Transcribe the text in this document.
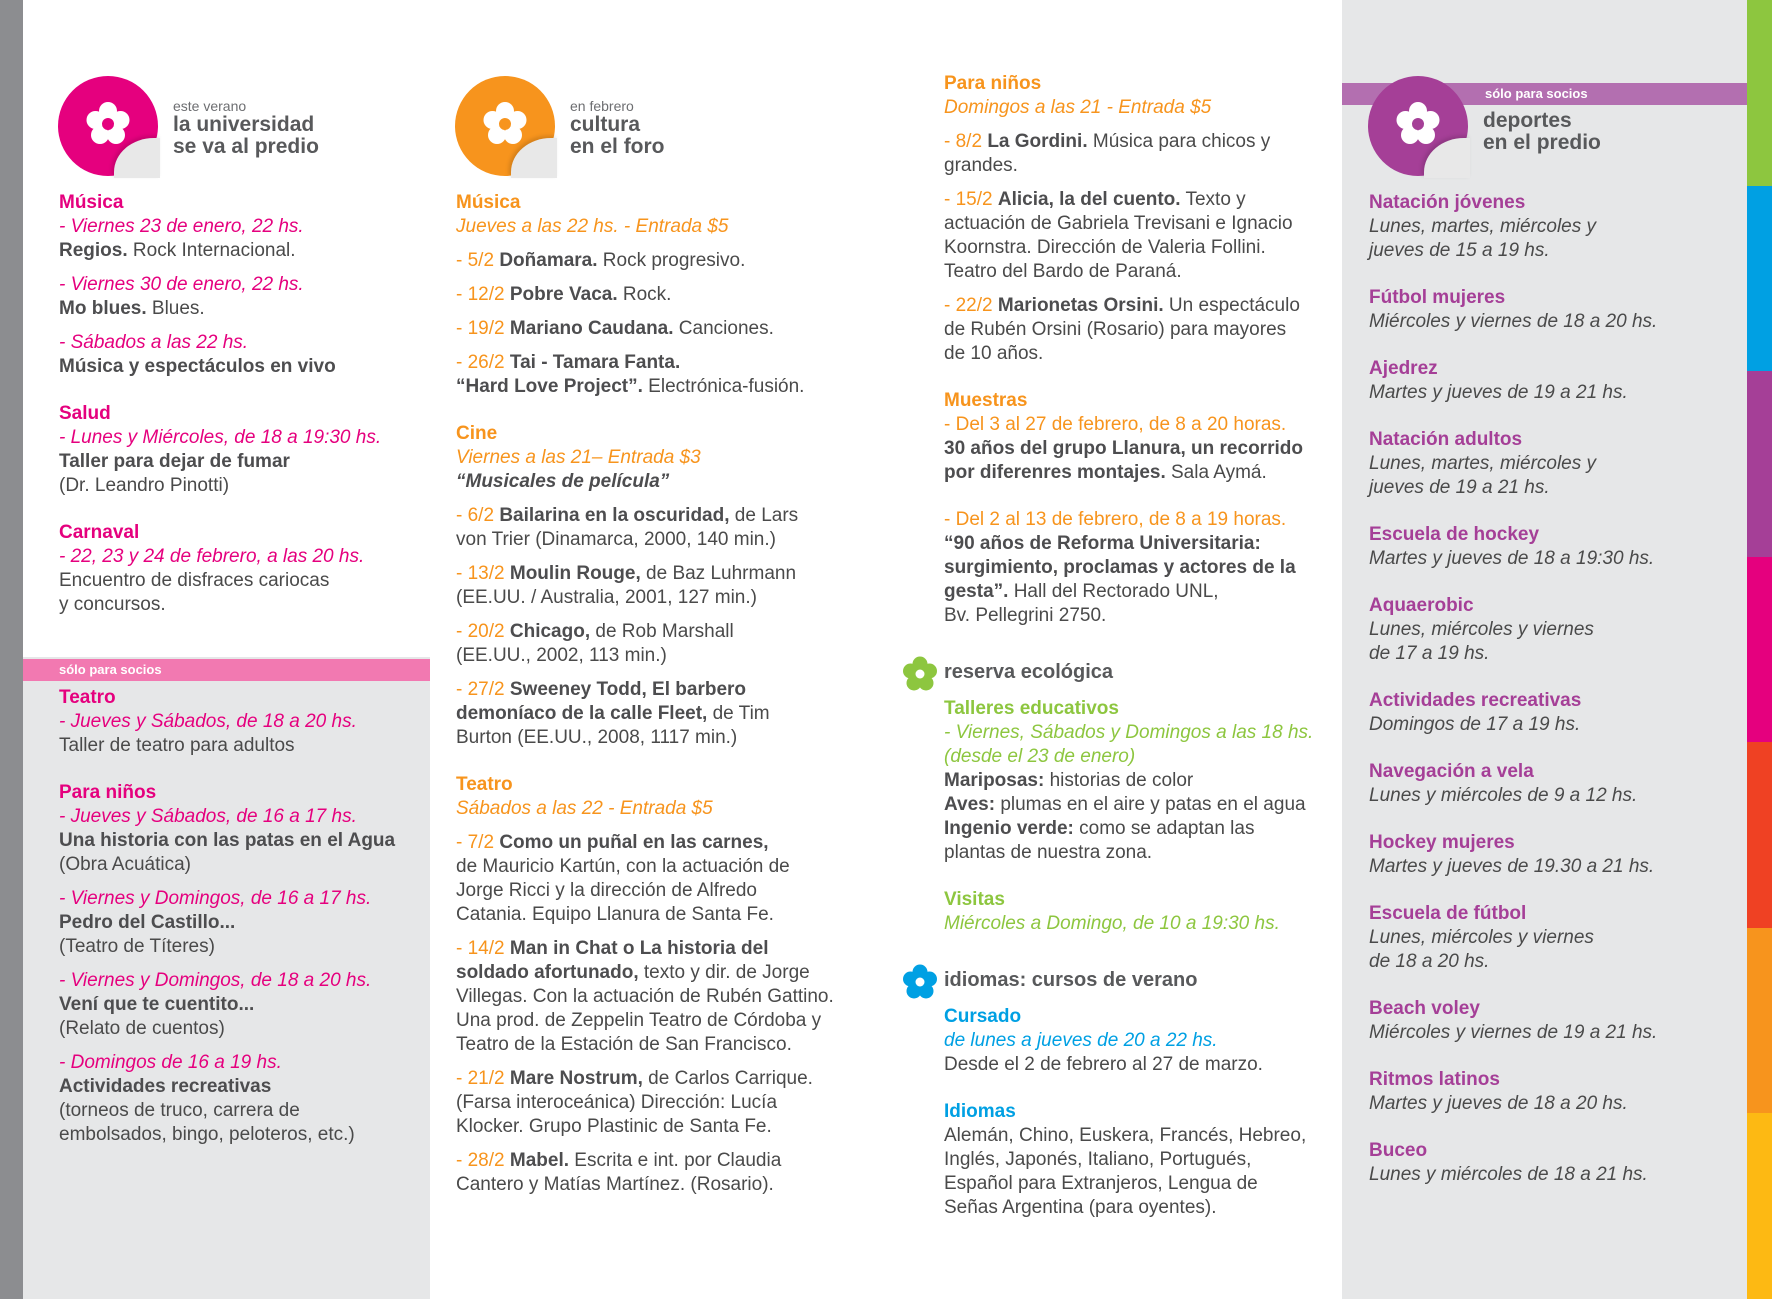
este verano
la universidad
se va al predio
Música
- Viernes 23 de enero, 22 hs.

Regios. Rock Internacional.

- Viernes 30 de enero, 22 hs.

Mo blues. Blues.

- Sábados a las 22 hs.

Música y espectáculos en vivo

Salud
- Lunes y Miércoles, de 18 a 19:30 hs.

Taller para dejar de fumar

(Dr. Leandro Pinotti)

Carnaval
- 22, 23 y 24 de febrero, a las 20 hs.

Encuentro de disfraces cariocas

y concursos.

sólo para socios
Teatro
- Jueves y Sábados, de 18 a 20 hs.

Taller de teatro para adultos

Para niños
- Jueves y Sábados, de 16 a 17 hs.

Una historia con las patas en el Agua

(Obra Acuática)

- Viernes y Domingos, de 16 a 17 hs.

Pedro del Castillo...

(Teatro de Títeres)

- Viernes y Domingos, de 18 a 20 hs.

Vení que te cuentito...

(Relato de cuentos)

- Domingos de 16 a 19 hs.

Actividades recreativas

(torneos de truco, carrera de

embolsados, bingo, peloteros, etc.)

en febrero
cultura
en el foro
Música
Jueves a las 22 hs. - Entrada $5

- 5/2 Doñamara. Rock progresivo.

- 12/2 Pobre Vaca. Rock.

- 19/2 Mariano Caudana. Canciones.

- 26/2 Tai - Tamara Fanta.

“Hard Love Project”. Electrónica-fusión.

Cine
Viernes a las 21– Entrada $3
“Musicales de película”

- 6/2 Bailarina en la oscuridad, de Lars

von Trier (Dinamarca, 2000, 140 min.)

- 13/2 Moulin Rouge, de Baz Luhrmann

(EE.UU. / Australia, 2001, 127 min.)

- 20/2 Chicago, de Rob Marshall

(EE.UU., 2002, 113 min.)

- 27/2 Sweeney Todd, El barbero

demoníaco de la calle Fleet, de Tim

Burton (EE.UU., 2008, 1117 min.)

Teatro
Sábados a las 22 - Entrada $5

- 7/2 Como un puñal en las carnes,

de Mauricio Kartún, con la actuación de

Jorge Ricci y la dirección de Alfredo

Catania. Equipo Llanura de Santa Fe.

- 14/2 Man in Chat o La historia del

soldado afortunado, texto y dir. de Jorge

Villegas. Con la actuación de Rubén Gattino.

Una prod. de Zeppelin Teatro de Córdoba y

Teatro de la Estación de San Francisco.

- 21/2 Mare Nostrum, de Carlos Carrique.

(Farsa interoceánica) Dirección: Lucía

Klocker. Grupo Plastinic de Santa Fe.

- 28/2 Mabel. Escrita e int. por Claudia

Cantero y Matías Martínez. (Rosario).

Para niños
Domingos a las 21 - Entrada $5

- 8/2 La Gordini. Música para chicos y

grandes.

- 15/2 Alicia, la del cuento. Texto y

actuación de Gabriela Trevisani e Ignacio

Koornstra. Dirección de Valeria Follini.

Teatro del Bardo de Paraná.

- 22/2 Marionetas Orsini. Un espectáculo

de Rubén Orsini (Rosario) para mayores

de 10 años.

Muestras
- Del 3 al 27 de febrero, de 8 a 20 horas.

30 años del grupo Llanura, un recorrido

por diferenres montajes. Sala Aymá.

- Del 2 al 13 de febrero, de 8 a 19 horas.

“90 años de Reforma Universitaria:

surgimiento, proclamas y actores de la

gesta”. Hall del Rectorado UNL,

Bv. Pellegrini 2750.

reserva ecológica
Talleres educativos
- Viernes, Sábados y Domingos a las 18 hs.
(desde el 23 de enero)

Mariposas: historias de color

Aves: plumas en el aire y patas en el agua

Ingenio verde: como se adaptan las

plantas de nuestra zona.

Visitas
Miércoles a Domingo, de 10 a 19:30 hs.
idiomas: cursos de verano
Cursado
de lunes a jueves de 20 a 22 hs.

Desde el 2 de febrero al 27 de marzo.

Idiomas

Alemán, Chino, Euskera, Francés, Hebreo,

Inglés, Japonés, Italiano, Portugués,

Español para Extranjeros, Lengua de

Señas Argentina (para oyentes).

sólo para socios
deportes
en el predio
Natación jóvenes
Lunes, martes, miércoles y
jueves de 15 a 19 hs.
Fútbol mujeres
Miércoles y viernes de 18 a 20 hs.
Ajedrez
Martes y jueves de 19 a 21 hs.
Natación adultos
Lunes, martes, miércoles y
jueves de 19 a 21 hs.
Escuela de hockey
Martes y jueves de 18 a 19:30 hs.
Aquaerobic
Lunes, miércoles y viernes
de 17 a 19 hs.
Actividades recreativas
Domingos de 17 a 19 hs.
Navegación a vela
Lunes y miércoles de 9 a 12 hs.
Hockey mujeres
Martes y jueves de 19.30 a 21 hs.
Escuela de fútbol
Lunes, miércoles y viernes
de 18 a 20 hs.
Beach voley
Miércoles y viernes de 19 a 21 hs.
Ritmos latinos
Martes y jueves de 18 a 20 hs.
Buceo
Lunes y miércoles de 18 a 21 hs.
